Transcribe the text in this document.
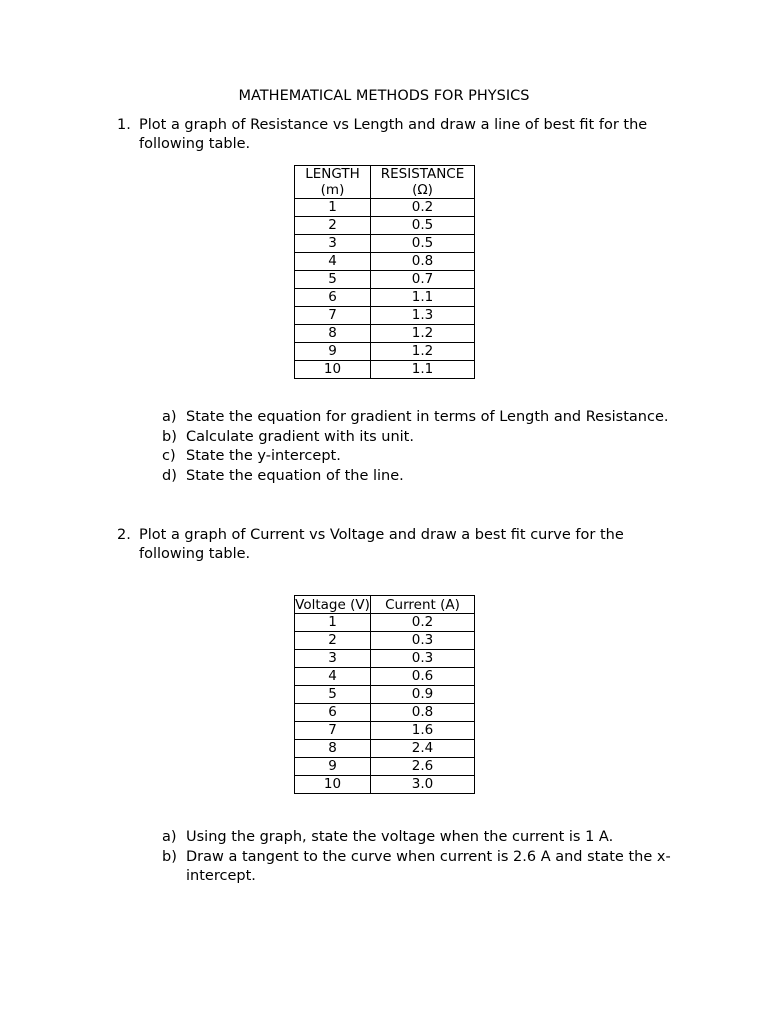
MATHEMATICAL METHODS FOR PHYSICS
1. Plot a graph of Resistance vs Length and draw a line of best fit for the following table.
LENGTH (m)	RESISTANCE (Ω)
1	0.2
2	0.5
3	0.5
4	0.8
5	0.7
6	1.1
7	1.3
8	1.2
9	1.2
10	1.1
a) State the equation for gradient in terms of Length and Resistance.
b) Calculate gradient with its unit.
c) State the y-intercept.
d) State the equation of the line.
2. Plot a graph of Current vs Voltage and draw a best fit curve for the following table.
Voltage (V)	Current (A)
1	0.2
2	0.3
3	0.3
4	0.6
5	0.9
6	0.8
7	1.6
8	2.4
9	2.6
10	3.0
a) Using the graph, state the voltage when the current is 1 A.
b) Draw a tangent to the curve when current is 2.6 A and state the x-intercept.
